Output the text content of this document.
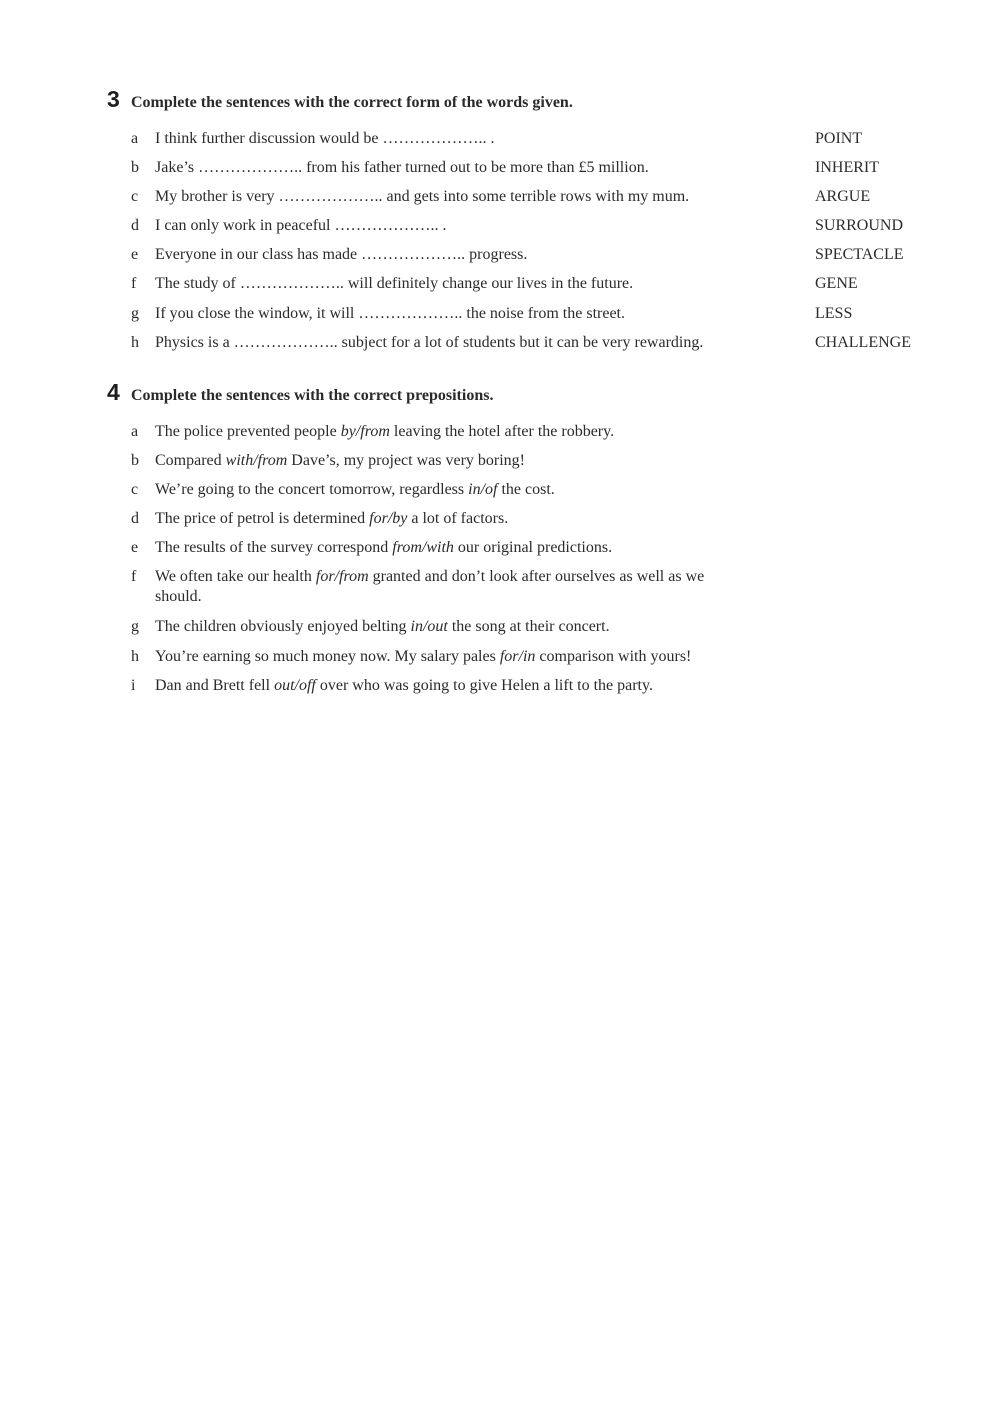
3 Complete the sentences with the correct form of the words given.
a	I think further discussion would be ……………….. .	POINT
b	Jake’s ……………….. from his father turned out to be more than £5 million.	INHERIT
c	My brother is very ……………….. and gets into some terrible rows with my mum.	ARGUE
d	I can only work in peaceful ……………….. .	SURROUND
e	Everyone in our class has made ……………….. progress.	SPECTACLE
f	The study of ……………….. will definitely change our lives in the future.	GENE
g	If you close the window, it will ……………….. the noise from the street.	LESS
h	Physics is a ……………….. subject for a lot of students but it can be very rewarding.	CHALLENGE
4 Complete the sentences with the correct prepositions.
a	The police prevented people by/from leaving the hotel after the robbery.
b	Compared with/from Dave’s, my project was very boring!
c	We’re going to the concert tomorrow, regardless in/of the cost.
d	The price of petrol is determined for/by a lot of factors.
e	The results of the survey correspond from/with our original predictions.
f	We often take our health for/from granted and don’t look after ourselves as well as we should.
g	The children obviously enjoyed belting in/out the song at their concert.
h	You’re earning so much money now. My salary pales for/in comparison with yours!
i	Dan and Brett fell out/off over who was going to give Helen a lift to the party.
